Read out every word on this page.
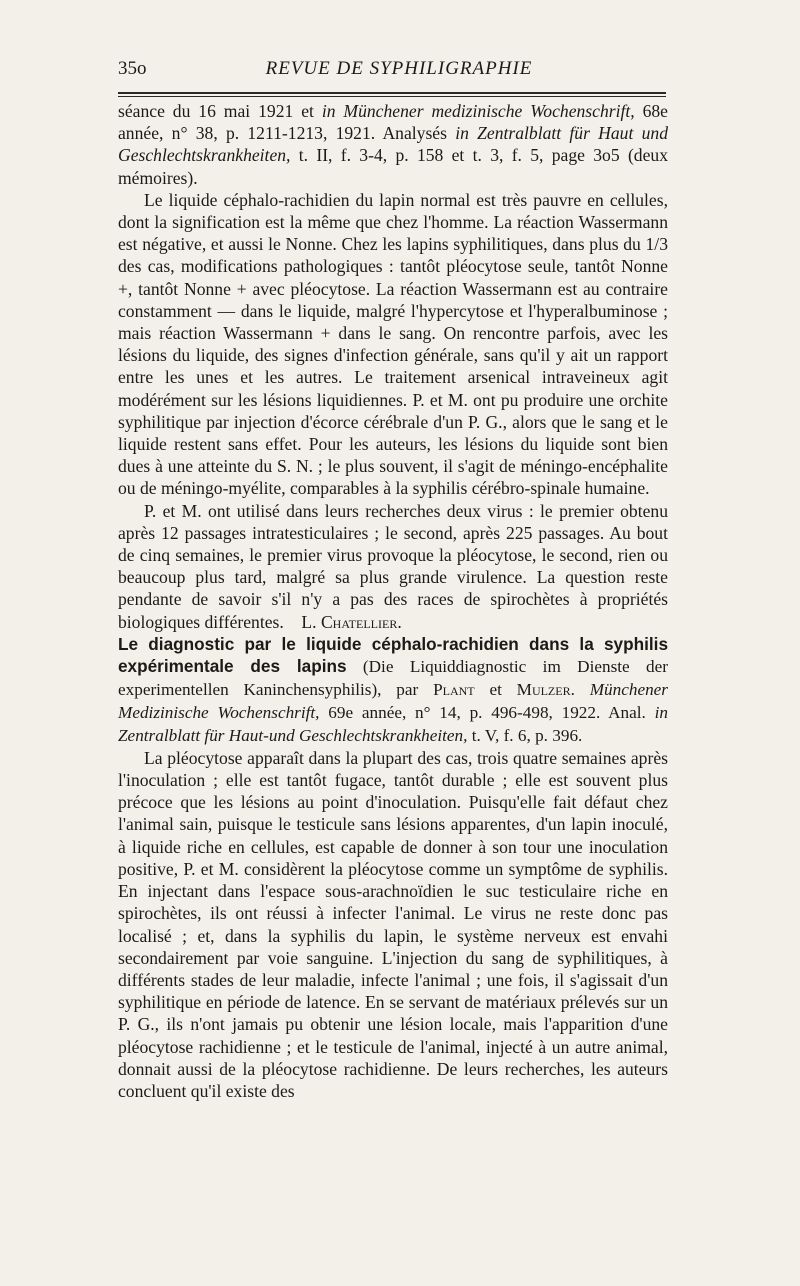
35o	REVUE DE SYPHILIGRAPHIE

séance du 16 mai 1921 et in Münchener medizinische Wochenschrift, 68e année, n° 38, p. 1211-1213, 1921. Analysés in Zentralblatt für Haut und Geschlechtskrankheiten, t. II, f. 3-4, p. 158 et t. 3, f. 5, page 3o5 (deux mémoires).

Le liquide céphalo-rachidien du lapin normal est très pauvre en cellules, dont la signification est la même que chez l'homme. La réaction Wassermann est négative, et aussi le Nonne. Chez les lapins syphilitiques, dans plus du 1/3 des cas, modifications pathologiques : tantôt pléocytose seule, tantôt Nonne +, tantôt Nonne + avec pléocytose. La réaction Wassermann est au contraire constamment — dans le liquide, malgré l'hypercytose et l'hyperalbuminose ; mais réaction Wassermann + dans le sang. On rencontre parfois, avec les lésions du liquide, des signes d'infection générale, sans qu'il y ait un rapport entre les unes et les autres. Le traitement arsenical intraveineux agit modérément sur les lésions liquidiennes. P. et M. ont pu produire une orchite syphilitique par injection d'écorce cérébrale d'un P. G., alors que le sang et le liquide restent sans effet. Pour les auteurs, les lésions du liquide sont bien dues à une atteinte du S. N. ; le plus souvent, il s'agit de méningo-encéphalite ou de méningo-myélite, comparables à la syphilis cérébro-spinale humaine.

P. et M. ont utilisé dans leurs recherches deux virus : le premier obtenu après 12 passages intratesticulaires ; le second, après 225 passages. Au bout de cinq semaines, le premier virus provoque la pléocytose, le second, rien ou beaucoup plus tard, malgré sa plus grande virulence. La question reste pendante de savoir s'il n'y a pas des races de spirochètes à propriétés biologiques différentes. L. Chatellier.

Le diagnostic par le liquide céphalo-rachidien dans la syphilis expérimentale des lapins (Die Liquiddiagnostic im Dienste der experimentellen Kaninchensyphilis), par Plant et Mulzer. Münchener Medizinische Wochenschrift, 69e année, n° 14, p. 496-498, 1922. Anal. in Zentralblatt für Haut-und Geschlechtskrankheiten, t. V, f. 6, p. 396.

La pléocytose apparaît dans la plupart des cas, trois quatre semaines après l'inoculation ; elle est tantôt fugace, tantôt durable ; elle est souvent plus précoce que les lésions au point d'inoculation. Puisqu'elle fait défaut chez l'animal sain, puisque le testicule sans lésions apparentes, d'un lapin inoculé, à liquide riche en cellules, est capable de donner à son tour une inoculation positive, P. et M. considèrent la pléocytose comme un symptôme de syphilis. En injectant dans l'espace sous-arachnoïdien le suc testiculaire riche en spirochètes, ils ont réussi à infecter l'animal. Le virus ne reste donc pas localisé ; et, dans la syphilis du lapin, le système nerveux est envahi secondairement par voie sanguine. L'injection du sang de syphilitiques, à différents stades de leur maladie, infecte l'animal ; une fois, il s'agissait d'un syphilitique en période de latence. En se servant de matériaux prélevés sur un P. G., ils n'ont jamais pu obtenir une lésion locale, mais l'apparition d'une pléocytose rachidienne ; et le testicule de l'animal, injecté à un autre animal, donnait aussi de la pléocytose rachidienne. De leurs recherches, les auteurs concluent qu'il existe des
